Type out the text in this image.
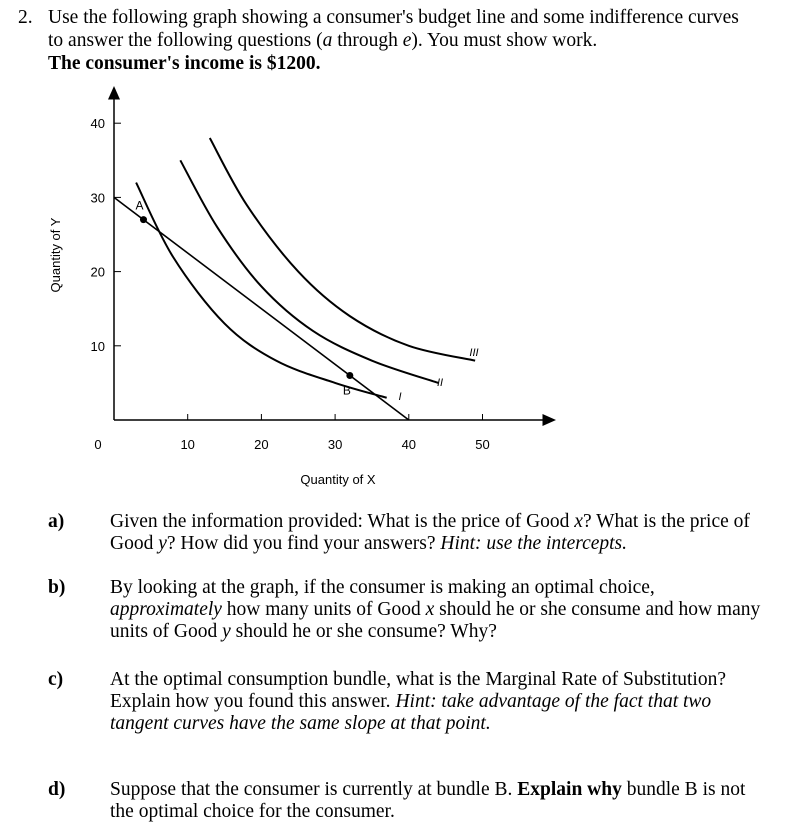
2. Use the following graph showing a consumer's budget line and some indifference curves
to answer the following questions (a through e). You must show work.
The consumer's income is $1200.
0	10	20	30	40	50
10
20
30
40
I
II
III
A
B
Quantity of Y
Quantity of X
a) Given the information provided: What is the price of Good x? What is the price of Good y? How did you find your answers? Hint: use the intercepts.
b) By looking at the graph, if the consumer is making an optimal choice, approximately how many units of Good x should he or she consume and how many units of Good y should he or she consume? Why?
c) At the optimal consumption bundle, what is the Marginal Rate of Substitution? Explain how you found this answer. Hint: take advantage of the fact that two tangent curves have the same slope at that point.
d) Suppose that the consumer is currently at bundle B. Explain why bundle B is not the optimal choice for the consumer.
